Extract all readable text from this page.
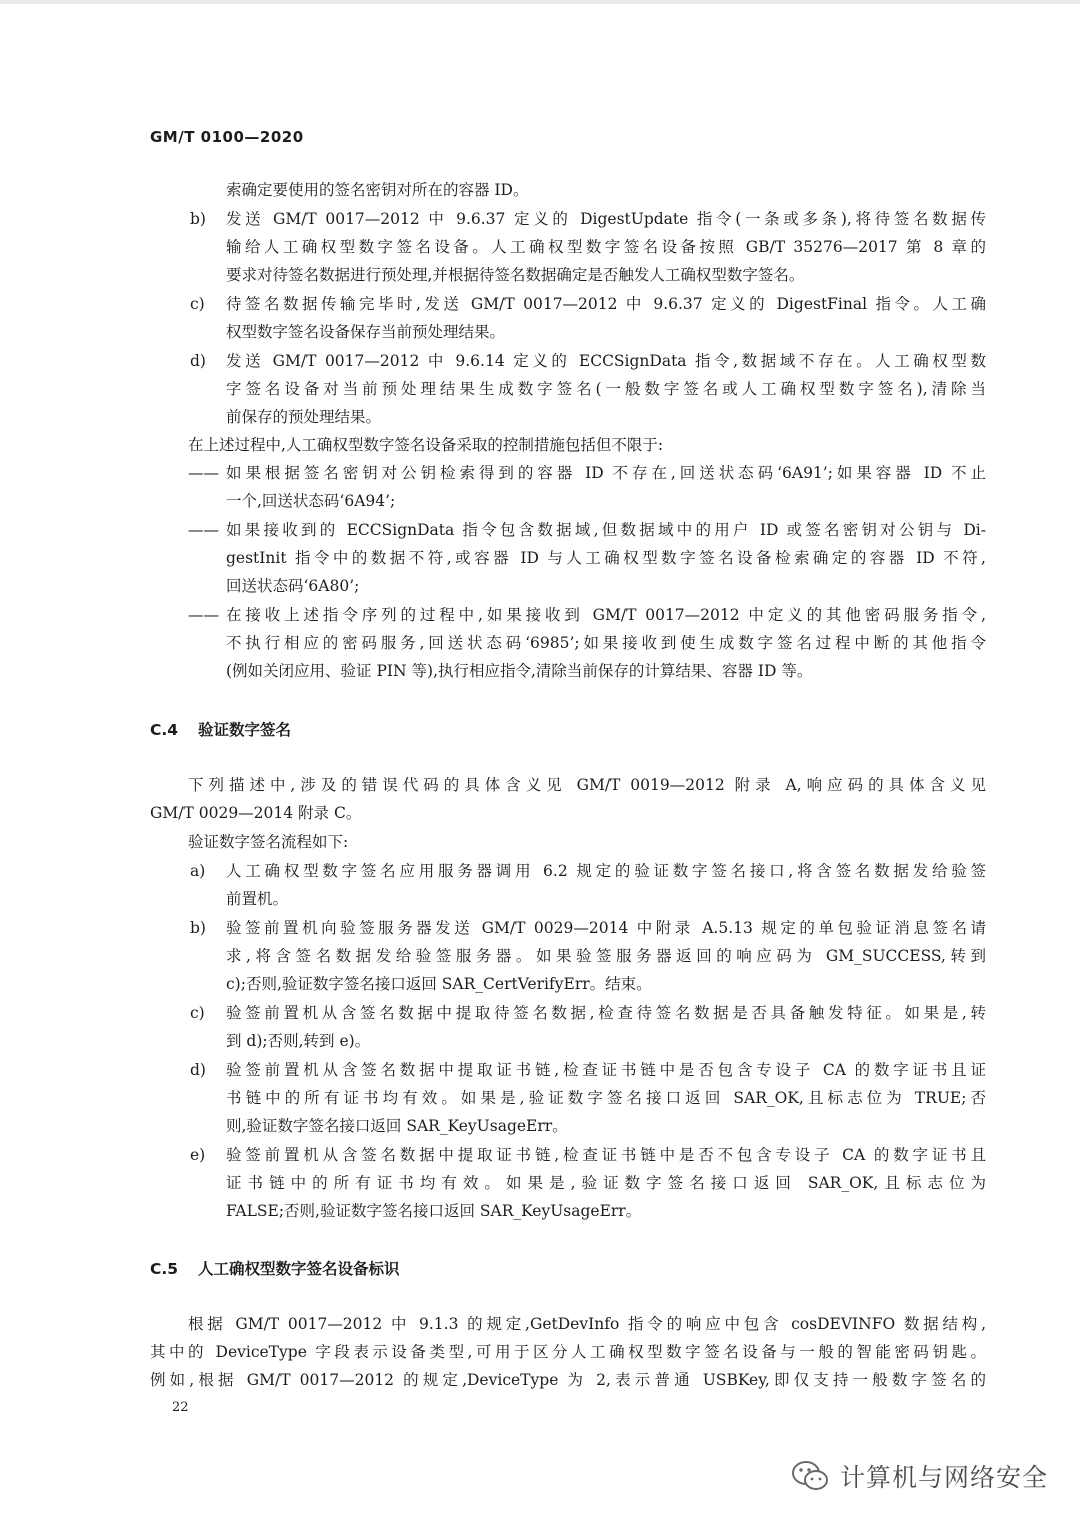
GM/T 0100—2020
索确定要使用的签名密钥对所在的容器 ID。
b) 发送 GM/T 0017—2012 中 9.6.37 定义的 DigestUpdate 指令(一条或多条),将待签名数据传
输给人工确权型数字签名设备。人工确权型数字签名设备按照 GB/T 35276—2017 第 8 章的
要求对待签名数据进行预处理,并根据待签名数据确定是否触发人工确权型数字签名。
c) 待签名数据传输完毕时,发送 GM/T 0017—2012 中 9.6.37 定义的 DigestFinal 指令。人工确
权型数字签名设备保存当前预处理结果。
d) 发送 GM/T 0017—2012 中 9.6.14 定义的 ECCSignData 指令,数据域不存在。人工确权型数
字签名设备对当前预处理结果生成数字签名(一般数字签名或人工确权型数字签名),清除当
前保存的预处理结果。
在上述过程中,人工确权型数字签名设备采取的控制措施包括但不限于:
—— 如果根据签名密钥对公钥检索得到的容器 ID 不存在,回送状态码‘6A91’;如果容器 ID 不止
一个,回送状态码‘6A94’;
—— 如果接收到的 ECCSignData 指令包含数据域,但数据域中的用户 ID 或签名密钥对公钥与 Di-
gestInit 指令中的数据不符,或容器 ID 与人工确权型数字签名设备检索确定的容器 ID 不符,
回送状态码‘6A80’;
—— 在接收上述指令序列的过程中,如果接收到 GM/T 0017—2012 中定义的其他密码服务指令,
不执行相应的密码服务,回送状态码‘6985’;如果接收到使生成数字签名过程中断的其他指令
(例如关闭应用、验证 PIN 等),执行相应指令,清除当前保存的计算结果、容器 ID 等。
C.4 验证数字签名
下列描述中,涉及的错误代码的具体含义见 GM/T 0019—2012 附录 A,响应码的具体含义见
GM/T 0029—2014 附录 C。
验证数字签名流程如下:
a) 人工确权型数字签名应用服务器调用 6.2 规定的验证数字签名接口,将含签名数据发给验签
前置机。
b) 验签前置机向验签服务器发送 GM/T 0029—2014 中附录 A.5.13 规定的单包验证消息签名请
求,将含签名数据发给验签服务器。如果验签服务器返回的响应码为 GM_SUCCESS,转到
c);否则,验证数字签名接口返回 SAR_CertVerifyErr。结束。
c) 验签前置机从含签名数据中提取待签名数据,检查待签名数据是否具备触发特征。如果是,转
到 d);否则,转到 e)。
d) 验签前置机从含签名数据中提取证书链,检查证书链中是否包含专设子 CA 的数字证书且证
书链中的所有证书均有效。如果是,验证数字签名接口返回 SAR_OK,且标志位为 TRUE;否
则,验证数字签名接口返回 SAR_KeyUsageErr。
e) 验签前置机从含签名数据中提取证书链,检查证书链中是否不包含专设子 CA 的数字证书且
证书链中的所有证书均有效。如果是,验证数字签名接口返回 SAR_OK,且标志位为
FALSE;否则,验证数字签名接口返回 SAR_KeyUsageErr。
C.5 人工确权型数字签名设备标识
根据 GM/T 0017—2012 中 9.1.3 的规定,GetDevInfo 指令的响应中包含 cosDEVINFO 数据结构,
其中的 DeviceType 字段表示设备类型,可用于区分人工确权型数字签名设备与一般的智能密码钥匙。
例如,根据 GM/T 0017—2012 的规定,DeviceType 为 2,表示普通 USBKey,即仅支持一般数字签名的
22
计算机与网络安全
